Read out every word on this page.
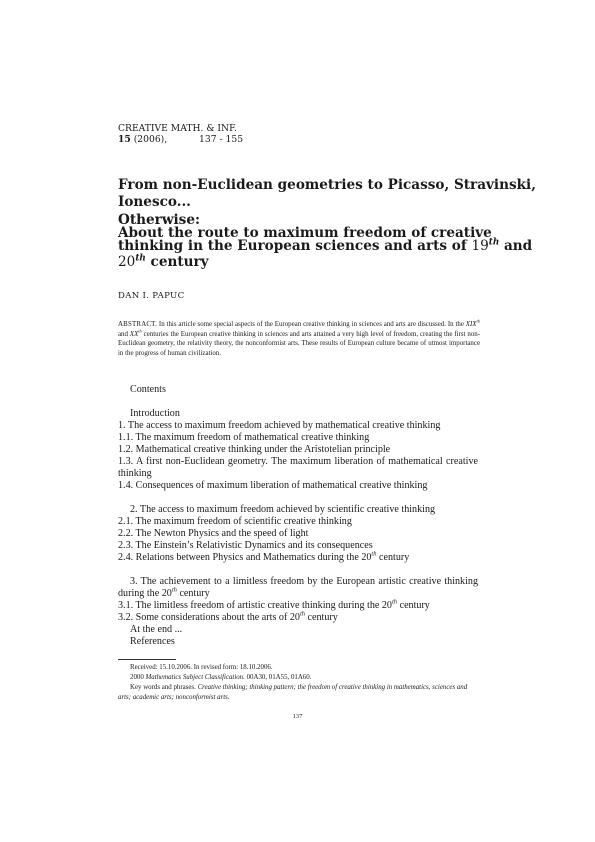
CREATIVE MATH. & INF.
15 (2006),	137 - 155
From non-Euclidean geometries to Picasso, Stravinski,
Ionesco...
Otherwise:
About the route to maximum freedom of creative
thinking in the European sciences and arts of 19th and
20th century
DAN I. PAPUC
ABSTRACT. In this article some special aspects of the European creative thinking in sciences and arts are discussed. In the XIXth and XXth centuries the European creative thinking in sciences and arts attained a very high level of freedom, creating the first non-Euclidean geometry, the relativity theory, the nonconformist arts. These results of European culture became of utmost importance in the progress of human civilization.
Contents
Introduction
1. The access to maximum freedom achieved by mathematical creative thinking
1.1. The maximum freedom of mathematical creative thinking
1.2. Mathematical creative thinking under the Aristotelian principle
1.3. A first non-Euclidean geometry. The maximum liberation of mathematical creative thinking
1.4. Consequences of maximum liberation of mathematical creative thinking
2. The access to maximum freedom achieved by scientific creative thinking
2.1. The maximum freedom of scientific creative thinking
2.2. The Newton Physics and the speed of light
2.3. The Einstein’s Relativistic Dynamics and its consequences
2.4. Relations between Physics and Mathematics during the 20th century
3. The achievement to a limitless freedom by the European artistic creative thinking during the 20th century
3.1. The limitless freedom of artistic creative thinking during the 20th century
3.2. Some considerations about the arts of 20th century
At the end ...
References
Received: 15.10.2006. In revised form: 18.10.2006.
2000 Mathematics Subject Classification. 00A30, 01A55, 01A60.
Key words and phrases. Creative thinking; thinking pattern; the freedom of creative thinking in mathematics, sciences and arts; academic arts; nonconformist arts.
137
